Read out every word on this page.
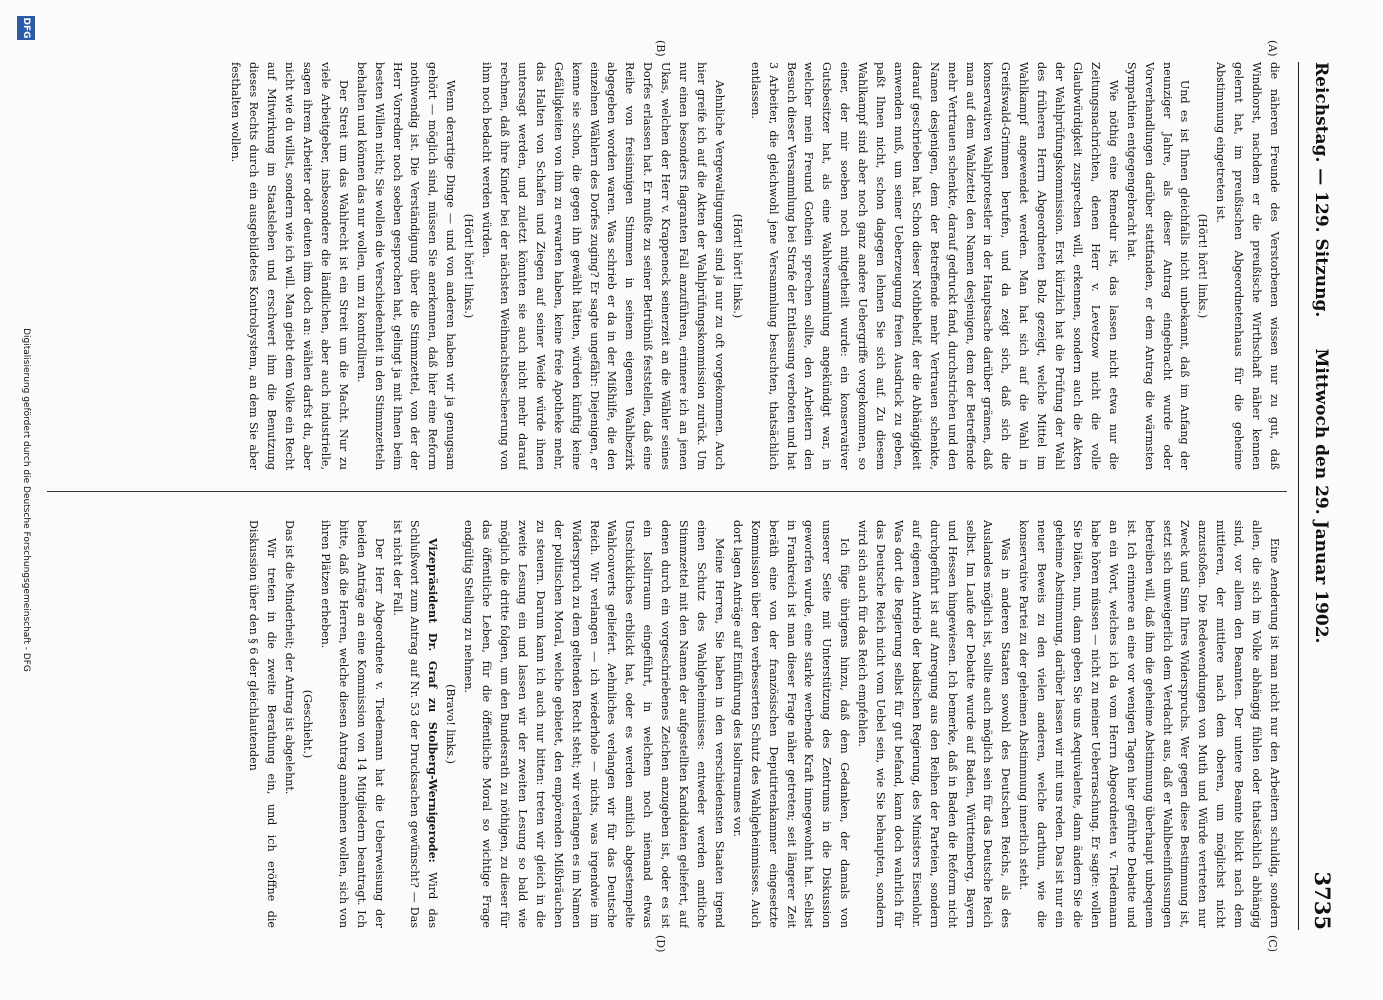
Reichstag. — 129. Sitzung.
Mittwoch den 29. Januar 1902.
3735
(A)
(B)
(C)
(D)

die näheren Freunde des Verstorbenen wissen nur zu gut, daß Windhorst, nachdem er die preußische Wirthschaft näher kennen gelernt hat, im preußischen Abgeordnetenhaus für die geheime Abstimmung eingetreten ist.

(Hört! hört! links.)

Und es ist Ihnen gleichfalls nicht unbekannt, daß im Anfang der neunziger Jahre, als dieser Antrag eingebracht wurde oder Vorverhandlungen darüber stattfanden, er dem Antrag die wärmsten Sympathien entgegengebracht hat.

Wie nöthig eine Remedur ist, das lassen nicht etwa nur die Zeitungsnachrichten, denen Herr v. Levetzow nicht die volle Glaubwürdigkeit zusprechen will, erkennen, sondern auch die Akten der Wahlprüfungskommission. Erst kürzlich hat die Prüfung der Wahl des früheren Herrn Abgeordneten Bolz gezeigt, welche Mittel im Wahlkampf angewendet werden. Man hat sich auf die Wahl in Greifswald-Grimmen berufen, und da zeigt sich, daß sich die konservativen Wahlprotestler in der Hauptsache darüber grämen, daß man auf dem Wahlzettel den Namen desjenigen, dem der Betreffende mehr Vertrauen schenkte, darauf gedruckt fand, durchstrichen und den Namen desjenigen, dem der Betreffende mehr Vertrauen schenkte, darauf geschrieben hat. Schon dieser Nothbehelf, der die Abhängigkeit anwenden muß, um seiner Ueberzeugung freien Ausdruck zu geben, paßt Ihnen nicht, schon dagegen lehnen Sie sich auf. Zu diesem Wahlkampf sind aber noch ganz andere Uebergriffe vorgekommen, so einer, der mir soeben noch mitgetheilt wurde: ein konservativer Gutsbesitzer hat, als eine Wahlversammlung angekündigt war, in welcher mein Freund Gothein sprechen sollte, den Arbeitern den Besuch dieser Versammlung bei Strafe der Entlassung verboten und hat 3 Arbeiter, die gleichwohl jene Versammlung besuchten, thatsächlich entlassen.

(Hört! hört! links.)

Aehnliche Vergewaltigungen sind ja nur zu oft vorgekommen. Auch hier greife ich auf die Akten der Wahlprüfungskommission zurück. Um nur einen besonders flagranten Fall anzuführen, erinnere ich an jenen Ukas, welchen der Herr v. Krappeneck seinerzeit an die Wähler seines Dorfes erlassen hat. Er mußte zu seiner Betrübniß feststellen, daß eine Reihe von freisinnigen Stimmen in seinem eigenen Wahlbezirk abgegeben worden waren. Was schrieb er da in der Mißhilfe, die den einzelnen Wählern des Dorfes zuging? Er sagte ungefähr: Diejenigen, er kenne sie schon, die gegen ihn gewählt hätten, würden künftig keine Gefälligkeiten von ihm zu erwarten haben, keine freie Apotheke mehr, das Halten von Schafen und Ziegen auf seiner Weide würde ihnen untersagt werden, und zuletzt könnten sie auch nicht mehr darauf rechnen, daß ihre Kinder bei der nächsten Weihnachtsbescheerung von ihm noch bedacht werden würden.

(Hört! hört! links.)

Wenn derartige Dinge — und von anderen haben wir ja genugsam gehört — möglich sind, müssen Sie anerkennen, daß hier eine Reform nothwendig ist. Die Verständigung über die Stimmzettel, von der der Herr Vorredner noch soeben gesprochen hat, gelingt ja mit Ihnen beim besten Willen nicht; Sie wollen die Verschiedenheit in den Stimmzetteln behalten und können das nur wollen, um zu kontrolliren.

Der Streit um das Wahlrecht ist ein Streit um die Macht. Nur zu viele Arbeitgeber, insbesondere die ländlichen, aber auch industrielle, sagen ihrem Arbeiter oder deuten ihm doch an: wählen darfst du, aber nicht wie du willst, sondern wie ich will. Man giebt dem Volke ein Recht auf Mitwirkung im Staatsleben und erschwert ihm die Benutzung dieses Rechts durch ein ausgebildetes Kontrolsystem, an dem Sie aber festhalten wollen.

Eine Aenderung ist man nicht nur den Arbeitern schuldig, sondern allen, die sich im Volke abhängig fühlen oder thatsächlich abhängig sind, vor allem den Beamten. Der untere Beamte blickt nach dem mittleren, der mittlere nach dem oberen, um möglichst nicht anzustoßen. Die Redewendungen von Muth und Würde vertreten nur Zweck und Sinn Ihres Widerspruchs. Wer gegen diese Bestimmung ist, setzt sich unweigerlich dem Verdacht aus, daß er Wahlbeeinflussungen betreiben will, daß ihm die geheime Abstimmung überhaupt unbequem ist. Ich erinnere an eine vor wenigen Tagen hier geführte Debatte und an ein Wort, welches ich da vom Herrn Abgeordneten v. Tiedemann habe hören müssen — nicht zu meiner Ueberraschung. Er sagte: wollen Sie Diäten, nun, dann geben Sie uns Aequivalente, dann ändern Sie die geheime Abstimmung, darüber lassen wir mit uns reden. Das ist nur ein neuer Beweis zu den vielen anderen, welche darthun, wie die konservative Partei zu der geheimen Abstimmung innerlich steht.

Was in anderen Staaten sowohl des Deutschen Reichs, als des Auslandes möglich ist, sollte auch möglich sein für das Deutsche Reich selbst. Im Laufe der Debatte wurde auf Baden, Württemberg, Bayern und Hessen hingewiesen. Ich bemerke, daß in Baden die Reform nicht durchgeführt ist auf Anregung aus den Reihen der Parteien, sondern auf eigenen Antrieb der badischen Regierung, des Ministers Eisenlohr. Was dort die Regierung selbst für gut befand, kann doch wahrlich für das Deutsche Reich nicht vom Uebel sein, wie Sie behaupten, sondern wird sich auch für das Reich empfehlen.

Ich füge übrigens hinzu, daß dem Gedanken, der damals von unserer Seite mit Unterstützung des Zentrums in die Diskussion geworfen wurde, eine starke werbende Kraft innegewohnt hat. Selbst in Frankreich ist man dieser Frage näher getreten; seit längerer Zeit beräth eine von der französischen Deputirtenkammer eingesetzte Kommission über den verbesserten Schutz des Wahlgeheimnisses. Auch dort lagen Anträge auf Einführung des Isolirraumes vor.

Meine Herren, Sie haben in den verschiedensten Staaten irgend einen Schutz des Wahlgeheimnisses: entweder werden amtliche Stimmzettel mit den Namen der aufgestellten Kandidaten geliefert, auf denen durch ein vorgeschriebenes Zeichen anzugeben ist, oder es ist ein Isolirraum eingeführt, in welchem noch niemand etwas Unschickliches erblickt hat, oder es werden amtlich abgestempelte Wahlcouverts geliefert. Aehnliches verlangen wir für das Deutsche Reich. Wir verlangen — ich wiederhole — nichts, was irgendwie im Widerspruch zu dem geltenden Recht steht; wir verlangen es im Namen der politischen Moral, welche gebietet, den empörenden Mißbräuchen zu steuern. Darum kann ich auch nur bitten: treten wir gleich in die zweite Lesung ein und lassen wir der zweiten Lesung so bald wie möglich die dritte folgen, um den Bundesrath zu nöthigen, zu dieser für das öffentliche Leben, für die öffentliche Moral so wichtige Frage endgültig Stellung zu nehmen.

(Bravo! links.)

Vizepräsident Dr. Graf zu Stolberg-Wernigerode: Wird das Schlußwort zum Antrag auf Nr. 53 der Drucksachen gewünscht? — Das ist nicht der Fall.

Der Herr Abgeordnete v. Tiedemann hat die Ueberweisung der beiden Anträge an eine Kommission von 14 Mitgliedern beantragt. Ich bitte, daß die Herren, welche diesen Antrag annehmen wollen, sich von ihren Plätzen erheben.

(Geschieht.)

Das ist die Minderheit; der Antrag ist abgelehnt.

Wir treten in die zweite Berathung ein, und ich eröffne die Diskussion über den § 6 der gleichlautenden

DFG
Digitalisierung gefördert durch die Deutsche Forschungsgemeinschaft - DFG
